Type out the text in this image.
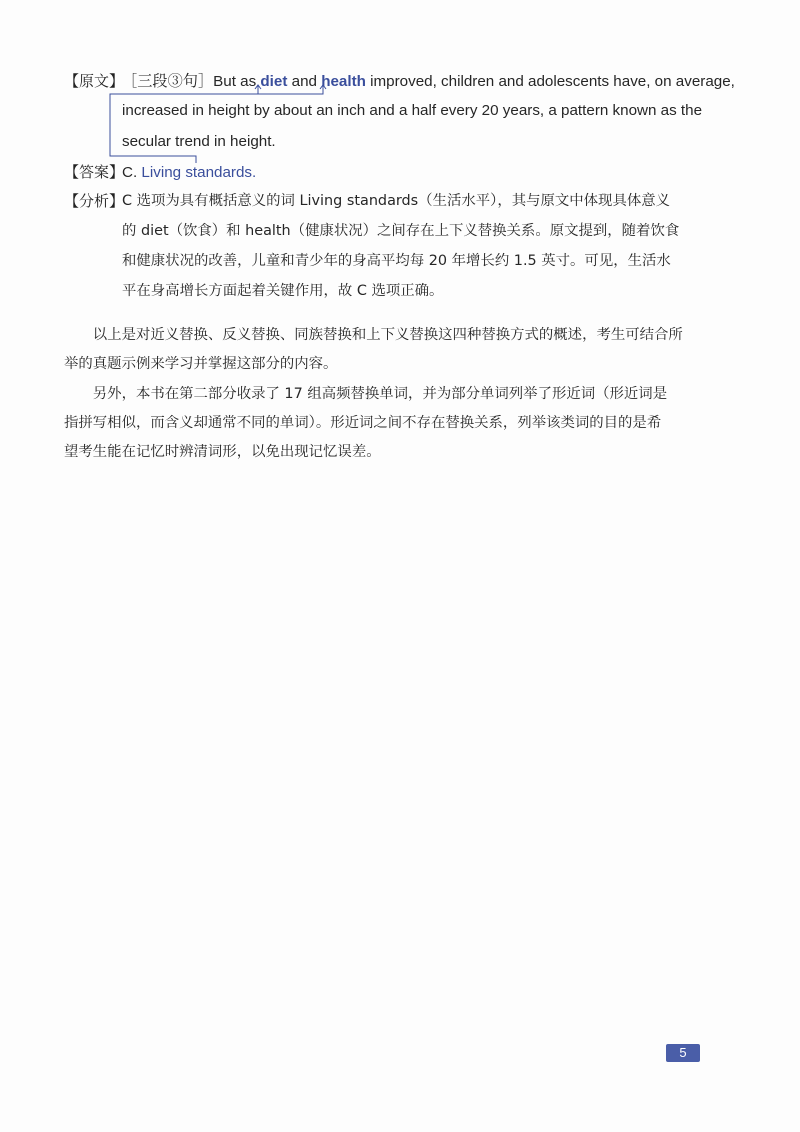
【原文】
［三段③句］But as diet and health improved, children and adolescents have, on average,
increased in height by about an inch and a half every 20 years, a pattern known as the
secular trend in height.
【答案】
C. Living standards.
【分析】
C 选项为具有概括意义的词 Living standards（生活水平），其与原文中体现具体意义
的 diet（饮食）和 health（健康状况）之间存在上下义替换关系。原文提到，随着饮食
和健康状况的改善，儿童和青少年的身高平均每 20 年增长约 1.5 英寸。可见，生活水
平在身高增长方面起着关键作用，故 C 选项正确。
　　以上是对近义替换、反义替换、同族替换和上下义替换这四种替换方式的概述，考生可结合所
举的真题示例来学习并掌握这部分的内容。
　　另外，本书在第二部分收录了 17 组高频替换单词，并为部分单词列举了形近词（形近词是
指拼写相似，而含义却通常不同的单词）。形近词之间不存在替换关系，列举该类词的目的是希
望考生能在记忆时辨清词形，以免出现记忆误差。
5
